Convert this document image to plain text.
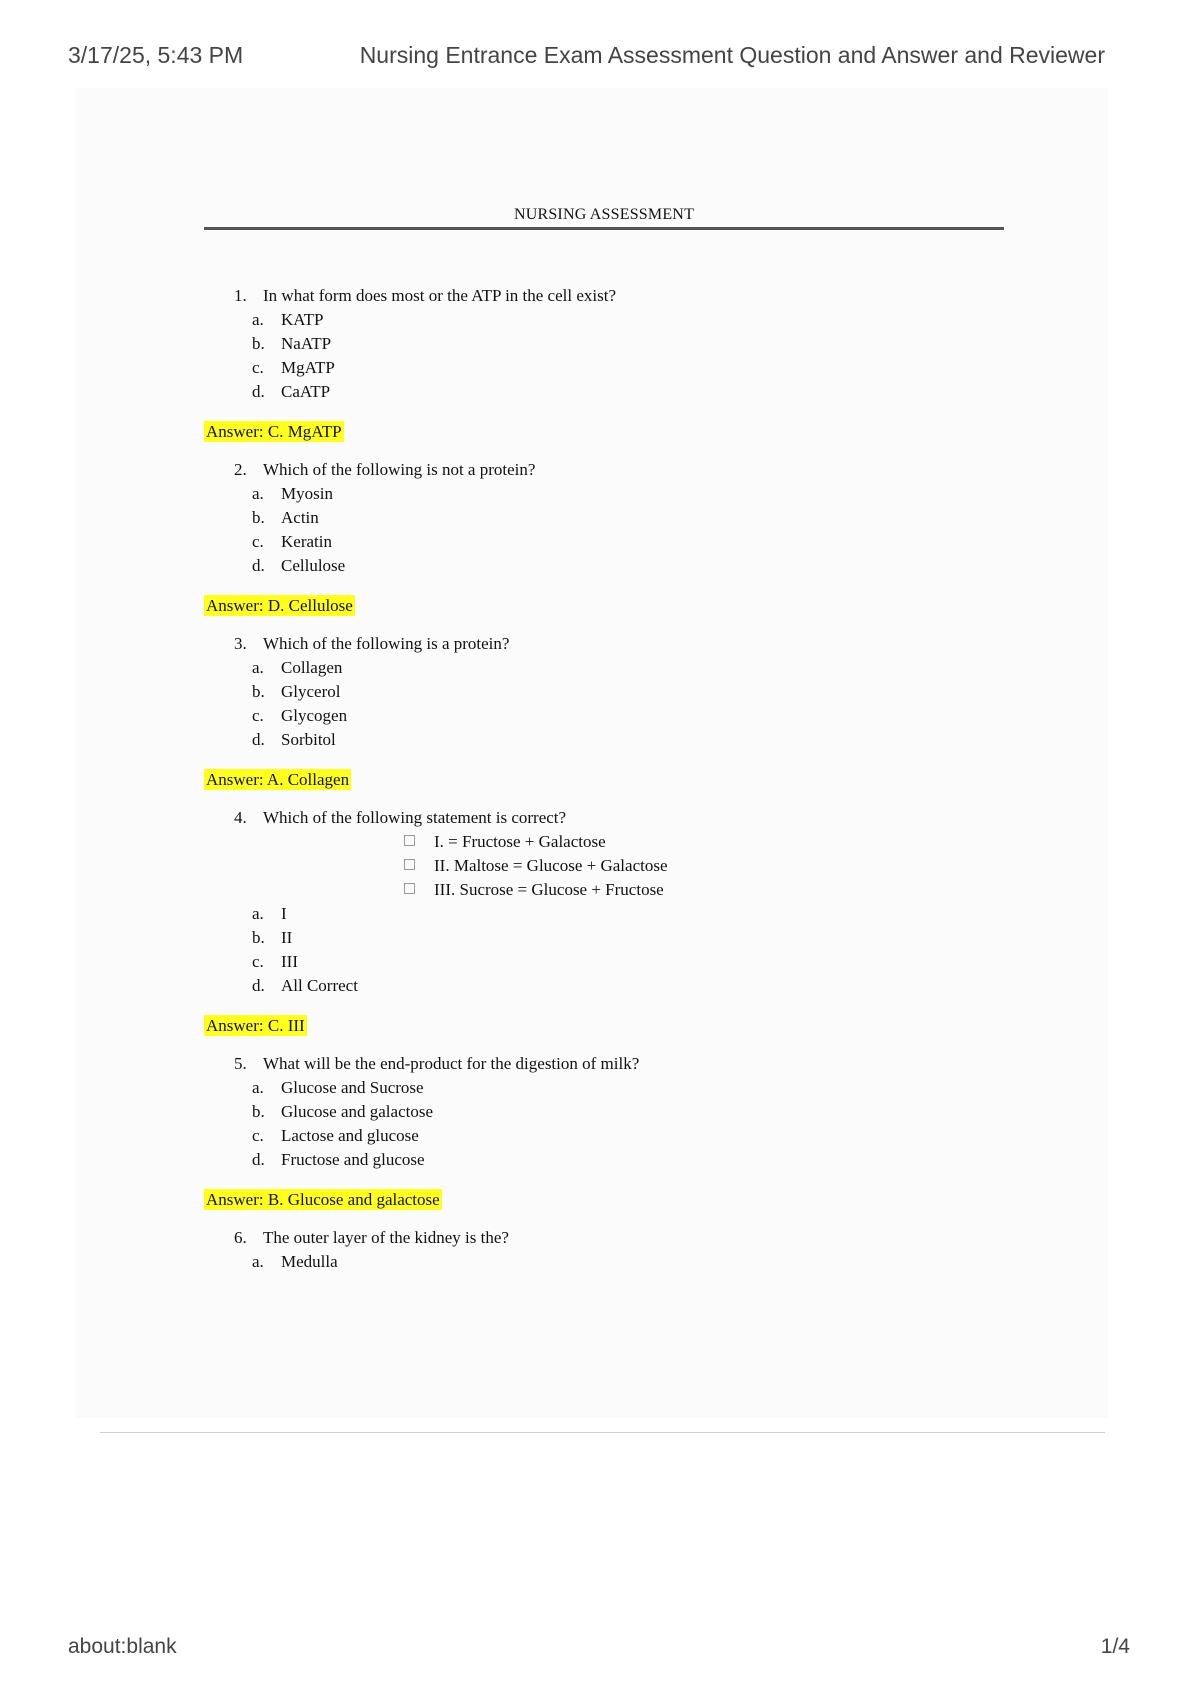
3/17/25, 5:43 PM	Nursing Entrance Exam Assessment Question and Answer and Reviewer
NURSING ASSESSMENT
1. In what form does most or the ATP in the cell exist?
a. KATP
b. NaATP
c. MgATP
d. CaATP
Answer: C. MgATP
2. Which of the following is not a protein?
a. Myosin
b. Actin
c. Keratin
d. Cellulose
Answer: D. Cellulose
3. Which of the following is a protein?
a. Collagen
b. Glycerol
c. Glycogen
d. Sorbitol
Answer: A. Collagen
4. Which of the following statement is correct?
I. = Fructose + Galactose
II. Maltose = Glucose + Galactose
III. Sucrose = Glucose + Fructose
a. I
b. II
c. III
d. All Correct
Answer: C. III
5. What will be the end-product for the digestion of milk?
a. Glucose and Sucrose
b. Glucose and galactose
c. Lactose and glucose
d. Fructose and glucose
Answer: B. Glucose and galactose
6. The outer layer of the kidney is the?
a. Medulla
about:blank	1/4
